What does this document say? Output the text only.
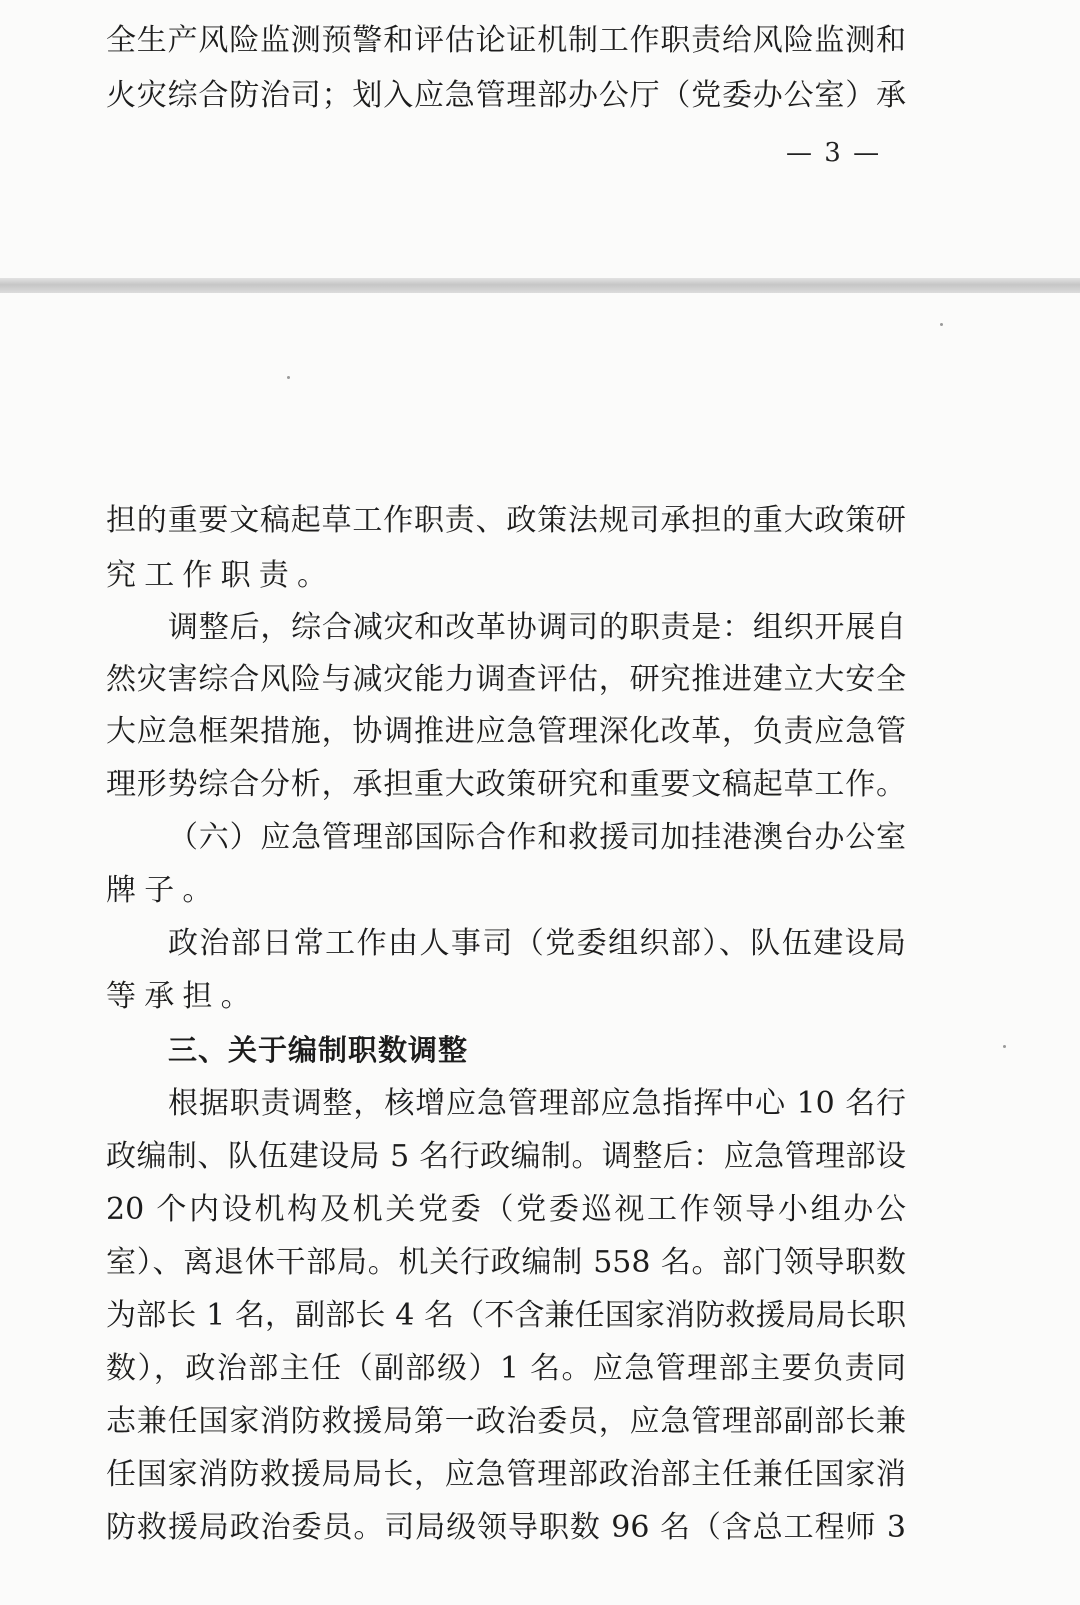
全生产风险监测预警和评估论证机制工作职责给风险监测和
火灾综合防治司；划入应急管理部办公厅（党委办公室）承
— 3 —
担的重要文稿起草工作职责、政策法规司承担的重大政策研
究工作职责。
调整后，综合减灾和改革协调司的职责是：组织开展自
然灾害综合风险与减灾能力调查评估，研究推进建立大安全
大应急框架措施，协调推进应急管理深化改革，负责应急管
理形势综合分析，承担重大政策研究和重要文稿起草工作。
（六）应急管理部国际合作和救援司加挂港澳台办公室
牌子。
政治部日常工作由人事司（党委组织部）、队伍建设局
等承担。
三、关于编制职数调整
根据职责调整，核增应急管理部应急指挥中心 10 名行
政编制、队伍建设局 5 名行政编制。调整后：应急管理部设
20 个内设机构及机关党委（党委巡视工作领导小组办公
室）、离退休干部局。机关行政编制 558 名。部门领导职数
为部长 1 名，副部长 4 名（不含兼任国家消防救援局局长职
数），政治部主任（副部级）1 名。应急管理部主要负责同
志兼任国家消防救援局第一政治委员，应急管理部副部长兼
任国家消防救援局局长，应急管理部政治部主任兼任国家消
防救援局政治委员。司局级领导职数 96 名（含总工程师 3
